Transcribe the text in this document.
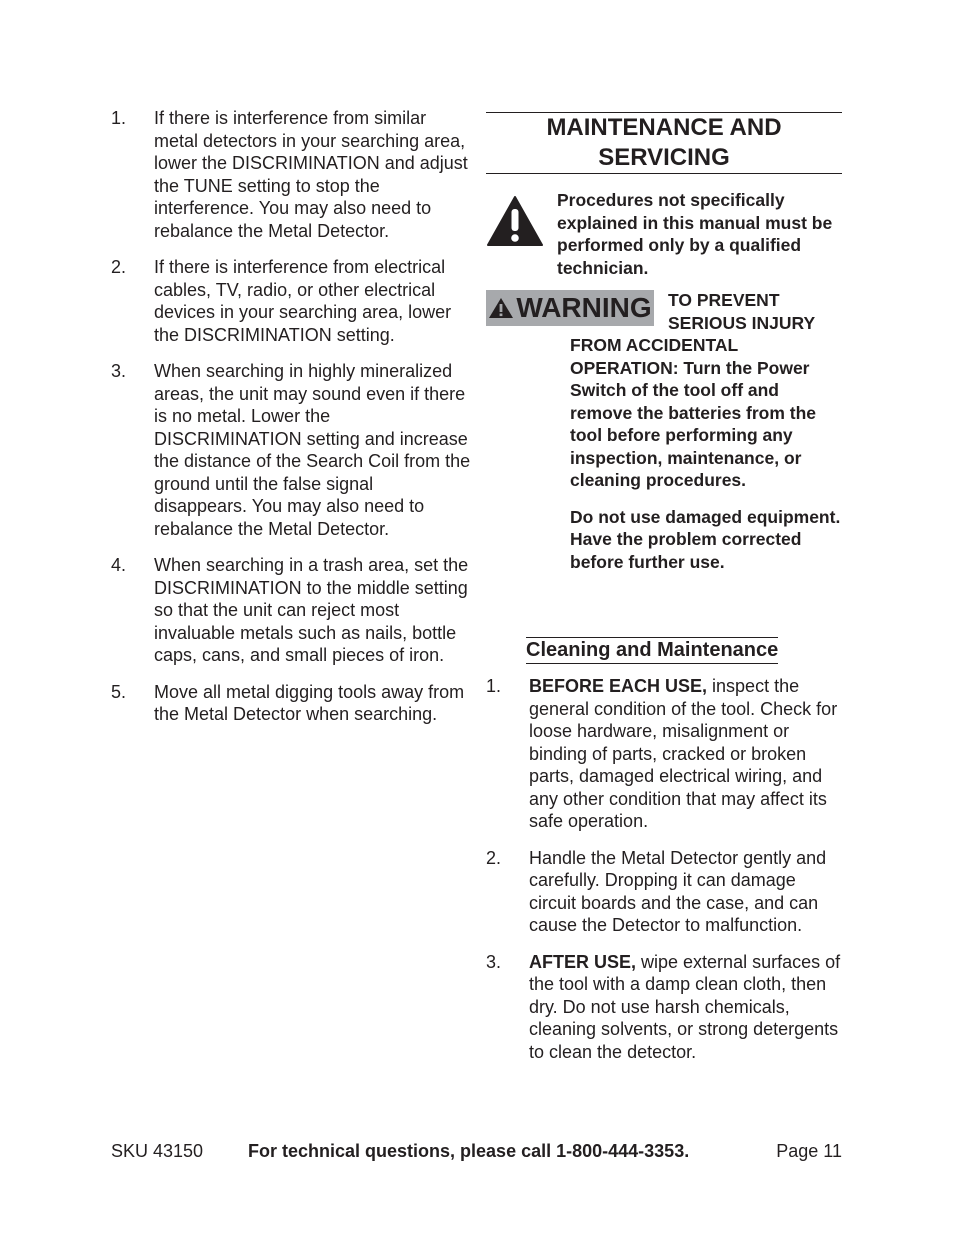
1. If there is interference from similar metal detectors in your searching area, lower the DISCRIMINATION and adjust the TUNE setting to stop the interference. You may also need to rebalance the Metal Detector.
2. If there is interference from electrical cables, TV, radio, or other electrical devices in your searching area, lower the DISCRIMINATION setting.
3. When searching in highly mineralized areas, the unit may sound even if there is no metal. Lower the DISCRIMINATION setting and increase the distance of the Search Coil from the ground until the false signal disappears. You may also need to rebalance the Metal Detector.
4. When searching in a trash area, set the DISCRIMINATION to the middle setting so that the unit can reject most invaluable metals such as nails, bottle caps, cans, and small pieces of iron.
5. Move all metal digging tools away from the Metal Detector when searching.
MAINTENANCE AND
SERVICING
Procedures not specifically explained in this manual must be performed only by a qualified technician.
WARNING TO PREVENT SERIOUS INJURY

FROM ACCIDENTAL OPERATION: Turn the Power Switch of the tool off and remove the batteries from the tool before performing any inspection, maintenance, or cleaning procedures.

Do not use damaged equipment. Have the problem corrected before further use.

Cleaning and Maintenance
1. BEFORE EACH USE, inspect the general condition of the tool. Check for loose hardware, misalignment or binding of parts, cracked or broken parts, damaged electrical wiring, and any other condition that may affect its safe operation.
2. Handle the Metal Detector gently and carefully. Dropping it can damage circuit boards and the case, and can cause the Detector to malfunction.
3. AFTER USE, wipe external surfaces of the tool with a damp clean cloth, then dry. Do not use harsh chemicals, cleaning solvents, or strong detergents to clean the detector.
SKU 43150 For technical questions, please call 1-800-444-3353.	Page 11
